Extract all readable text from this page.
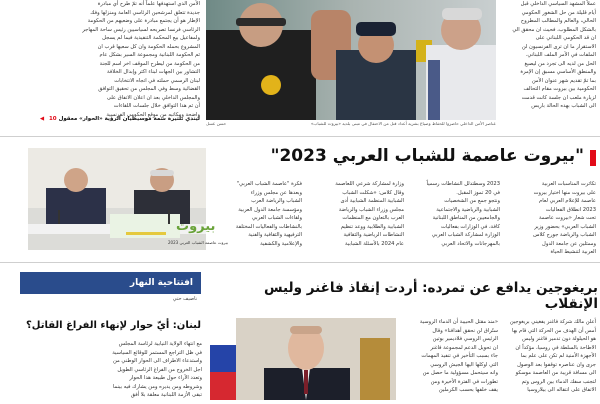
الأمن الذي استهدفها علماً أنه تمّ طرح أي مبادرة
جديدة تتعلق لمرشحين الرئاسي العامة ومنزلها وفك
الإطار هو أن يجتمع مبادرة على وضعيهم من الحكومة
الرئاسي فرنسا تصريحه لسياسيين رئيس ساحة المهاجر
ولمفاعيل بيع المحكمة التنفيذية فيما لم يسجل
المشروع بحمله الحكومة وان كل سعيها قرب ان
ثم الحكومة اللبنانية ومجموعة السير بشكل عام
من الحكومة من ليطرح الموقف اخر اسم للجنة
التشاور بين الجهات لبناء اكثر وإبدال الخلافة
لبنان الرسمي حملته في اتجاه الانتخابات
القضائية وسط وفي المجلس من تحقيق التوافق
والمجلس الداخلي بعد ان اعلان الاتفاق على
أن ثم هذا التوافق خلال جلسات اللقاءات
واضحة ومكاتبه من موقع الحكومي الفرنسية
ليندي تلتيرة شمة موسيطيان الرؤية «الحوار» معقول 10 ◀
حسن عسل	عناصر الأمن الداخلي حاضروا للحفاظ وصياغ بشرية أعداد قتل من الاحتفال في مبنى بلدية «بيروت للشباب»
عملاً المشهد السياسي الداخلي قبل
أيام قليلة من حل الشغور الحكومي
الحالي، والعالم والمطالب المطروح
بالشكل المطلوب، فحيث ان محقق الي
ان قد الحكومي اللبناني على
الاستقرار ما ان ترى الفرنسيون لن
الملفات في الأمر الملف اللبناني.
الحل من لديه الى تجرد من ليصيغ
والمنطق الأساسي مسبق إن الإمرة
بما تمّ تقديم شهر عنوان الأمن
الحكومية بين بيروت مقام التحالف
لزيارة ملعب ان جلسة كانت قدمت
الى الشباب بهذه الحالة باريس
"بيروت عاصمة للشباب العربي 2023"
بيروت
بيروت عاصمة الشباب العربي 2023
فكرة "عاصمة الشباب العربي"
وبعدها عن مجلس وزراء
الشباب والرياضة العرب
ومؤسسة جامعة الدول العربية
ولقاءات الشباب العربي
بالنشاطات والفعاليات المختلفة
الترفيهية والثقافية والفنية
والإعلامية والكشفية
وزارة لمشاركة شرعي اللعاصمة
وقال كلاس: «شكلت الشباب
الشبابية المنظمة الشبابية أدى
مجلس وزراء الشباب والرياضة
العرب بالتعاون مع المنظمات
الشبابية والطلابية ووعد تنظيم
النشاطات الرياضية والثقافية
عام 2024 بالأسئلة الشبابية
2023 وسطتدلل النشاطات رسمياً
في 20 تموز المقبل.
ونتجو جمع من الشخصيات
الشبابية والرياضية والاجتماعية
والجامعيين من المناطق اللبنانية
كافة، في الوزارات بفعاليات
الوزارة لمشاركة الشباب العربي
بالمهرجانات والاتحاد العربي
تكاثرت المناسبات العربية
على بيروت منها اختيار بيروت
عاصمة للإعلام العربي لعام
2023 انطلاق الفعاليات
تحت شعار «بيروت عاصمة
الشباب العربي» بحضور وزير
الشباب والرياضة جورج كلاس
وممثلين عن جامعة الدول
العربية لتنشيط الحياة
افتتاحية النهار
ناصيف حتي
لبنان: أيّ حوار لإنهاء الفراغ القاتل؟
مع انتهاء الولاية النيابية لرئاسة المجلس
في ظل التراجع المستمر للوقائع السياسية
واستدعاء الاطراف الى الحوار الوطني من
اجل الخروج من الفراغ الرئاسي الطويل
وتعدد الآراء حول طبيعة هذا الحوار
وشروطه ومن يديره ومن يشارك فيه بينما
تبقى الأزمة اللبنانية معلقة بلا أفق
بريغوجين يدافع عن تمرده: أردت إنقاذ فاغنر وليس الإنقلاب
«منذ مقتل الحبيبة أن الدماء الروسية
ستُراق لن نحقق أهدافنا» وقال
الرئيس الروسي فلاديمير بوتين
ان تحويل الدعم لمجموعة فاغنر
جاء بسبب التأخير في تنفيذ المهمات
التي اوكلها اليها الجيش الروسي
وانه سيتحمل مسؤولية ما حصل من
تطورات في الفترة الأخيرة ومن
يقف خلفها بحسب الكرملين
أعلن مالك شركة فاغنر يفغيني بريغوجين
أمس أن الهدف من الحركة التي قام بها
هو الحيلولة دون تدمير فاغنر وليس
الاطاحة بالسلطة في روسيا، مؤكداً ان
الأجهزة الأمنية لم تكن على علم بما
جرى وان عناصره توقفوا بعد الوصول
الى مسافة قريبة من العاصمة موسكو
لتجنب سفك الدماء بين الروس وتم
الاتفاق على انتقاله الى بيلاروسيا
